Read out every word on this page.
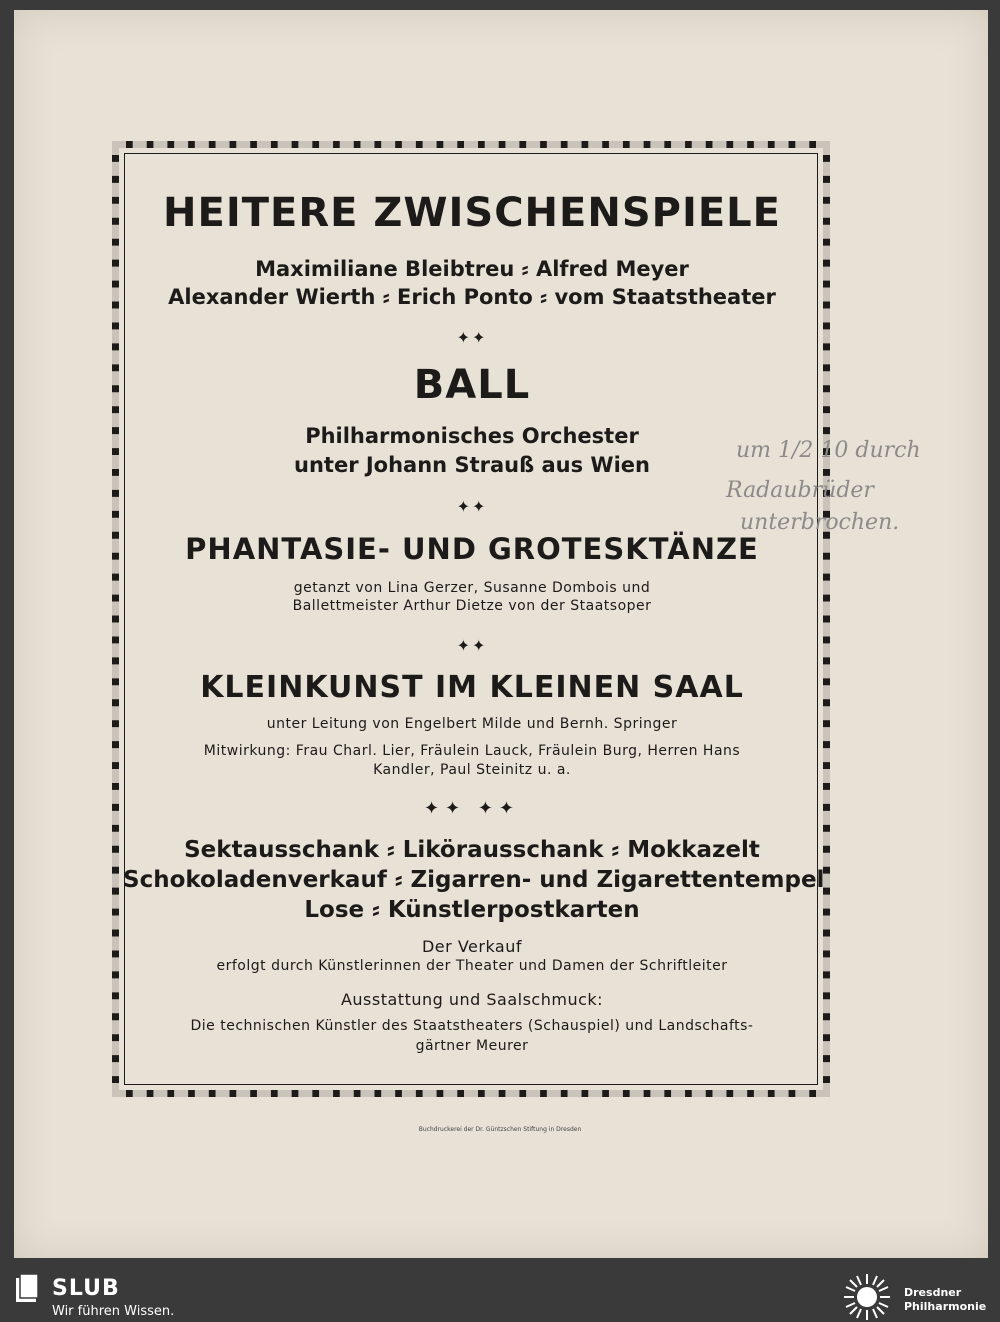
HEITERE ZWISCHENSPIELE
Maximiliane Bleibtreu ⸗ Alfred Meyer
Alexander Wierth ⸗ Erich Ponto ⸗ vom Staatstheater
✦✦
BALL
Philharmonisches Orchester
unter Johann Strauß aus Wien
✦✦
PHANTASIE- UND GROTESKTÄNZE
getanzt von Lina Gerzer, Susanne Dombois und
Ballettmeister Arthur Dietze von der Staatsoper
✦✦
KLEINKUNST IM KLEINEN SAAL
unter Leitung von Engelbert Milde und Bernh. Springer
Mitwirkung: Frau Charl. Lier, Fräulein Lauck, Fräulein Burg, Herren Hans
Kandler, Paul Steinitz u. a.
✦✦ ✦✦
Sektausschank ⸗ Likörausschank ⸗ Mokkazelt
Schokoladenverkauf ⸗ Zigarren- und Zigarettentempel
Lose ⸗ Künstlerpostkarten
Der Verkauf
erfolgt durch Künstlerinnen der Theater und Damen der Schriftleiter
Ausstattung und Saalschmuck:
Die technischen Künstler des Staatstheaters (Schauspiel) und Landschafts-
gärtner Meurer
um 1/2 10 durch
Radaubrüder
unterbrochen.
Buchdruckerei der Dr. Güntzschen Stiftung in Dresden
SLUB
Wir führen Wissen.
Dresdner
Philharmonie
